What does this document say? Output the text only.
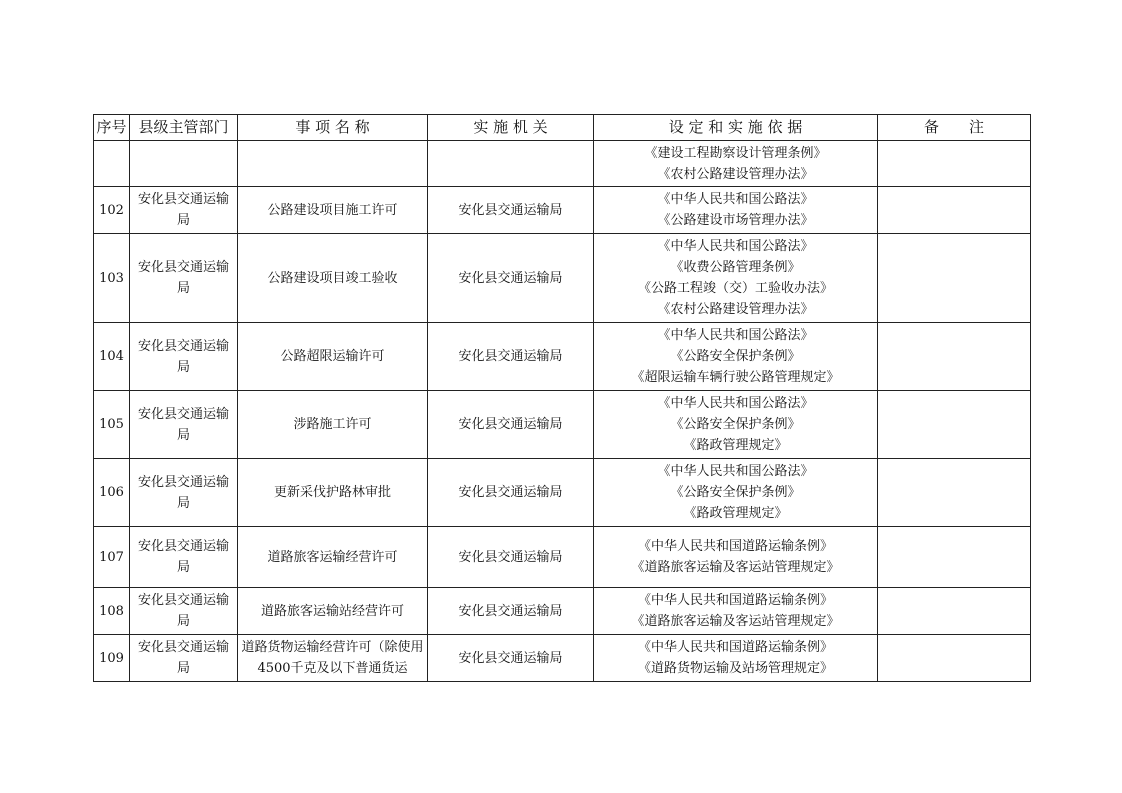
序号	县级主管部门	事 项 名 称	实 施 机 关	设 定 和 实 施 依 据	备　　注

				《建设工程勘察设计管理条例》
《农村公路建设管理办法》	

102	安化县交通运输局	公路建设项目施工许可	安化县交通运输局	《中华人民共和国公路法》
《公路建设市场管理办法》	

103	安化县交通运输局	公路建设项目竣工验收	安化县交通运输局	《中华人民共和国公路法》
《收费公路管理条例》
《公路工程竣（交）工验收办法》
《农村公路建设管理办法》	

104	安化县交通运输局	公路超限运输许可	安化县交通运输局	《中华人民共和国公路法》
《公路安全保护条例》
《超限运输车辆行驶公路管理规定》	

105	安化县交通运输局	涉路施工许可	安化县交通运输局	《中华人民共和国公路法》
《公路安全保护条例》
《路政管理规定》	

106	安化县交通运输局	更新采伐护路林审批	安化县交通运输局	《中华人民共和国公路法》
《公路安全保护条例》
《路政管理规定》	

107	安化县交通运输局	道路旅客运输经营许可	安化县交通运输局	《中华人民共和国道路运输条例》
《道路旅客运输及客运站管理规定》	

108	安化县交通运输局	道路旅客运输站经营许可	安化县交通运输局	《中华人民共和国道路运输条例》
《道路旅客运输及客运站管理规定》	

109	安化县交通运输局	道路货物运输经营许可（除使用4500千克及以下普通货运	安化县交通运输局	《中华人民共和国道路运输条例》
《道路货物运输及站场管理规定》	
